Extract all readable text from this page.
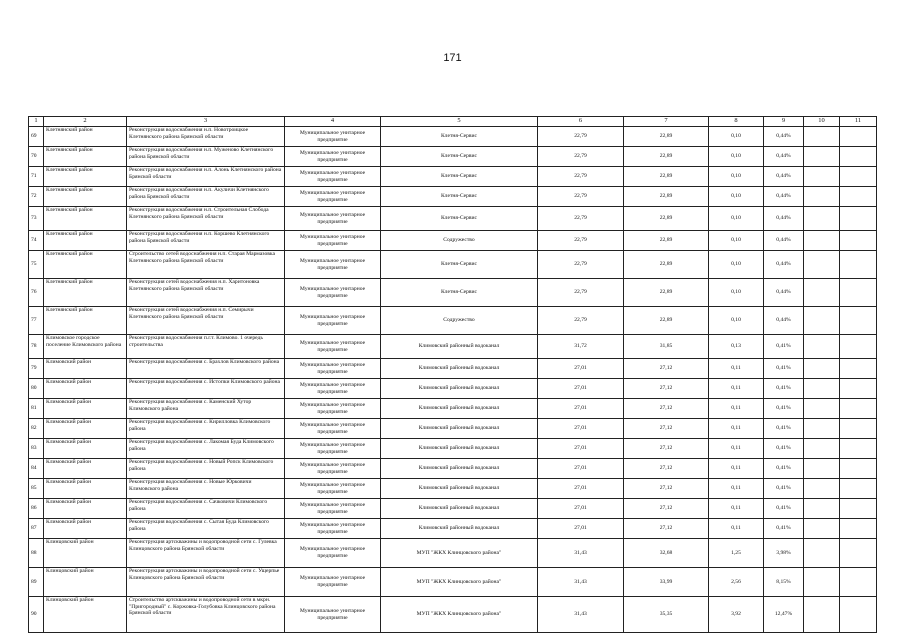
171
1	2	3	4	5	6	7	8	9	10	11
69	Клетнянский район	Реконструкция водоснабжения н.п. Новотроицкое Клетнянского района Брянской области	Муниципальное унитарное предприятие	Клетня-Сервис	22,79	22,89	0,10	0,44%		
70	Клетнянский район	Реконструкция водоснабжения н.п. Муженово Клетнянского района Брянской области	Муниципальное унитарное предприятие	Клетня-Сервис	22,79	22,89	0,10	0,44%		
71	Клетнянский район	Реконструкция водоснабжения н.п. Алонь Клетнянского района Брянской области	Муниципальное унитарное предприятие	Клетня-Сервис	22,79	22,89	0,10	0,44%		
72	Клетнянский район	Реконструкция водоснабжения н.п. Акуличи Клетнянского района Брянской области	Муниципальное унитарное предприятие	Клетня-Сервис	22,79	22,89	0,10	0,44%		
73	Клетнянский район	Реконструкция водоснабжения н.п. Строительная Слобода Клетнянского района Брянской области	Муниципальное унитарное предприятие	Клетня-Сервис	22,79	22,89	0,10	0,44%		
74	Клетнянский район	Реконструкция водоснабжения н.п. Коршево Клетнянского района Брянской области	Муниципальное унитарное предприятие	Содружество	22,79	22,89	0,10	0,44%		
75	Клетнянский район	Строительство сетей водоснабжения н.п. Старая Мармазовка Клетнянского района Брянской области	Муниципальное унитарное предприятие	Клетня-Сервис	22,79	22,89	0,10	0,44%		
76	Клетнянский район	Реконструкция сетей водоснабжения н.п. Харитоновка Клетнянского района Брянской области	Муниципальное унитарное предприятие	Клетня-Сервис	22,79	22,89	0,10	0,44%		
77	Клетнянский район	Реконструкция сетей водоснабжения н.п. Семирычи Клетнянского района Брянской области	Муниципальное унитарное предприятие	Содружество	22,79	22,89	0,10	0,44%		
78	Климовское городское поселение Климовского района	Реконструкция водоснабжения п.г.т. Климово. 1 очередь строительства	Муниципальное унитарное предприятие	Климовский районный водоканал	31,72	31,85	0,13	0,41%		
79	Климовский район	Реконструкция водоснабжения с. Брахлов Климовского района	Муниципальное унитарное предприятие	Климовский районный водоканал	27,01	27,12	0,11	0,41%		
80	Климовский район	Реконструкция водоснабжения с. Истопки Климовского района	Муниципальное унитарное предприятие	Климовский районный водоканал	27,01	27,12	0,11	0,41%		
81	Климовский район	Реконструкция водоснабжения с. Каменский Хутор Климовского района	Муниципальное унитарное предприятие	Климовский районный водоканал	27,01	27,12	0,11	0,41%		
82	Климовский район	Реконструкция водоснабжения с. Кирилловка Климовского района	Муниципальное унитарное предприятие	Климовский районный водоканал	27,01	27,12	0,11	0,41%		
83	Климовский район	Реконструкция водоснабжения с. Лакомая Буда Климовского района	Муниципальное унитарное предприятие	Климовский районный водоканал	27,01	27,12	0,11	0,41%		
84	Климовский район	Реконструкция водоснабжения с. Новый Ропск Климовского района	Муниципальное унитарное предприятие	Климовский районный водоканал	27,01	27,12	0,11	0,41%		
85	Климовский район	Реконструкция водоснабжения с. Новые Юрковичи Климовского района	Муниципальное унитарное предприятие	Климовский районный водоканал	27,01	27,12	0,11	0,41%		
86	Климовский район	Реконструкция водоснабжения с. Сачковичи Климовского района	Муниципальное унитарное предприятие	Климовский районный водоканал	27,01	27,12	0,11	0,41%		
87	Климовский район	Реконструкция водоснабжения с. Сытая Буда Климовского района	Муниципальное унитарное предприятие	Климовский районный водоканал	27,01	27,12	0,11	0,41%		
88	Клинцовский район	Реконструкция артскважины и водопроводной сети с. Гулевка Клинцовского района Брянской области	Муниципальное унитарное предприятие	МУП "ЖКХ Клинцовского района"	31,43	32,68	1,25	3,98%		
89	Клинцовский район	Реконструкция артскважины и водопроводной сети с. Ущерпье Клинцовского района Брянской области	Муниципальное унитарное предприятие	МУП "ЖКХ Клинцовского района"	31,43	33,99	2,56	8,15%		
90	Клинцовский район	Строительство артскважины и водопроводной сети в мкрн. "Пригородный" с. Коржовка-Голубовка Клинцовского района Брянской области	Муниципальное унитарное предприятие	МУП "ЖКХ Клинцовского района"	31,43	35,35	3,92	12,47%		
